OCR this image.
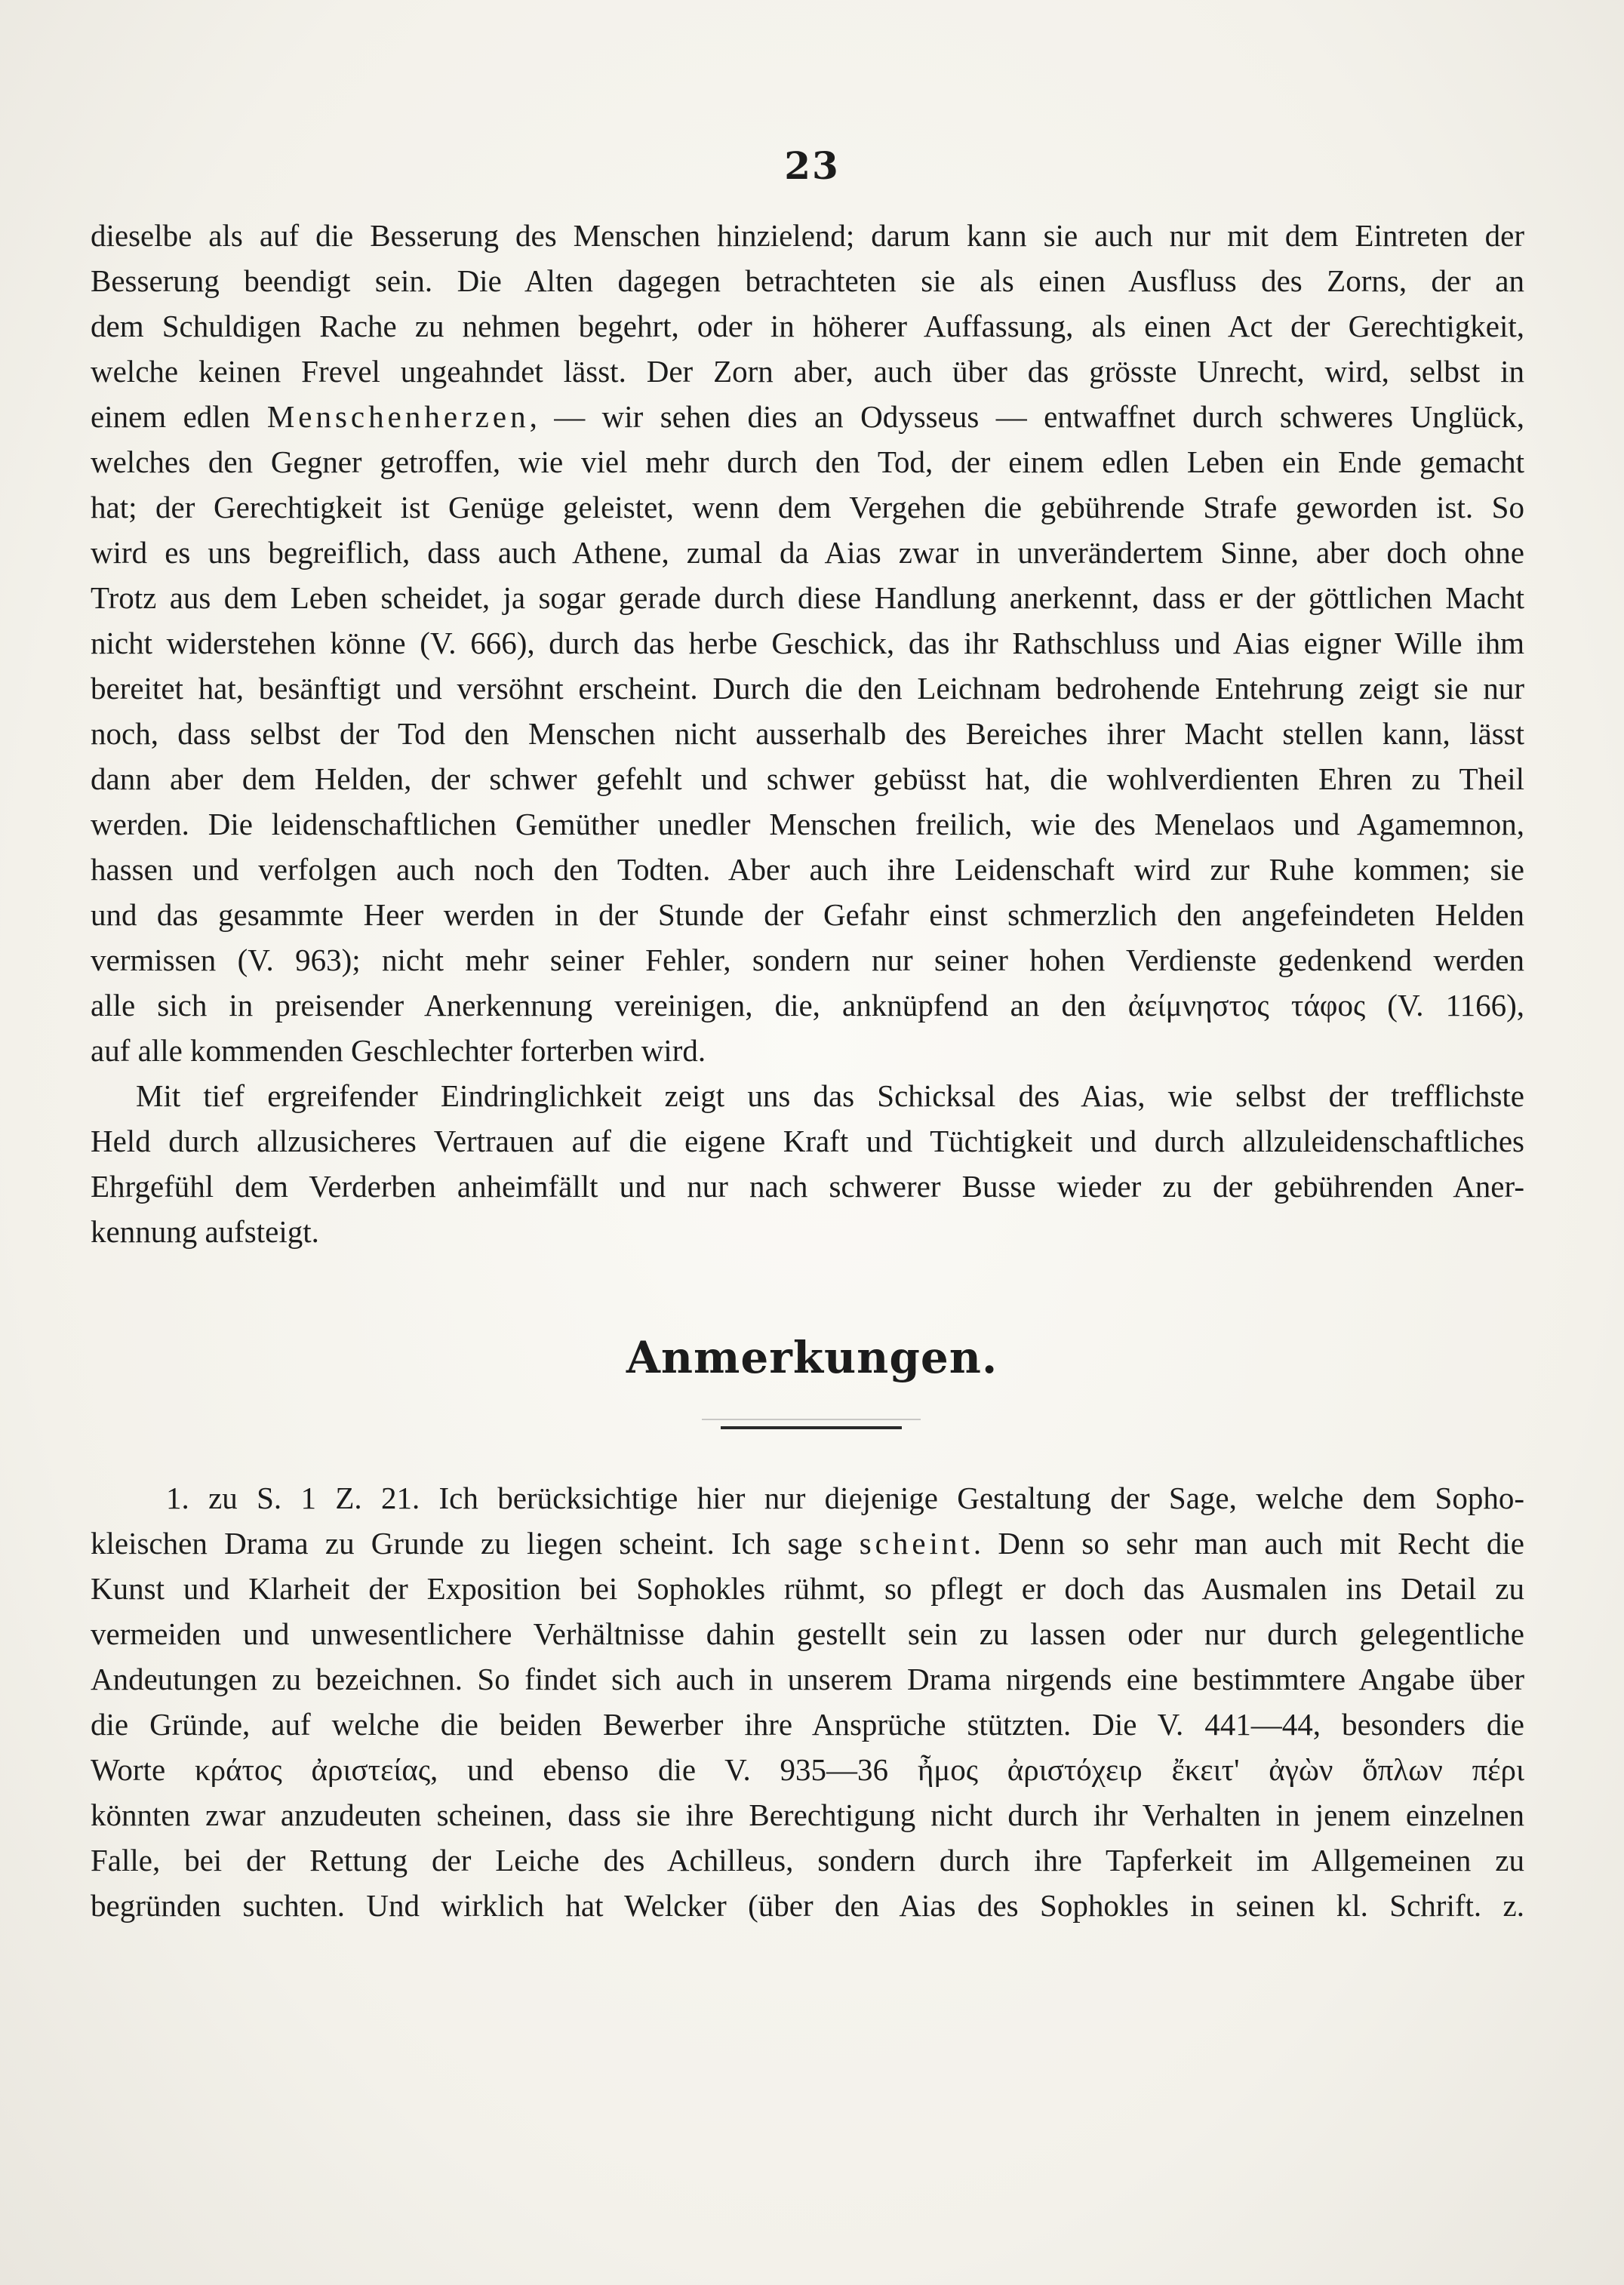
23
dieselbe als auf die Besserung des Menschen hinzielend; darum kann sie auch nur mit dem Eintreten der
Besserung beendigt sein. Die Alten dagegen betrachteten sie als einen Ausfluss des Zorns, der an
dem Schuldigen Rache zu nehmen begehrt, oder in höherer Auffassung, als einen Act der Gerechtigkeit,
welche keinen Frevel ungeahndet lässt. Der Zorn aber, auch über das grösste Unrecht, wird, selbst in
einem edlen Menschenherzen, — wir sehen dies an Odysseus — entwaffnet durch schweres Unglück,
welches den Gegner getroffen, wie viel mehr durch den Tod, der einem edlen Leben ein Ende gemacht
hat; der Gerechtigkeit ist Genüge geleistet, wenn dem Vergehen die gebührende Strafe geworden ist. So
wird es uns begreiflich, dass auch Athene, zumal da Aias zwar in unverändertem Sinne, aber doch ohne
Trotz aus dem Leben scheidet, ja sogar gerade durch diese Handlung anerkennt, dass er der göttlichen Macht
nicht widerstehen könne (V. 666), durch das herbe Geschick, das ihr Rathschluss und Aias eigner Wille ihm
bereitet hat, besänftigt und versöhnt erscheint. Durch die den Leichnam bedrohende Entehrung zeigt sie nur
noch, dass selbst der Tod den Menschen nicht ausserhalb des Bereiches ihrer Macht stellen kann, lässt
dann aber dem Helden, der schwer gefehlt und schwer gebüsst hat, die wohlverdienten Ehren zu Theil
werden. Die leidenschaftlichen Gemüther unedler Menschen freilich, wie des Menelaos und Agamemnon,
hassen und verfolgen auch noch den Todten. Aber auch ihre Leidenschaft wird zur Ruhe kommen; sie
und das gesammte Heer werden in der Stunde der Gefahr einst schmerzlich den angefeindeten Helden
vermissen (V. 963); nicht mehr seiner Fehler, sondern nur seiner hohen Verdienste gedenkend werden
alle sich in preisender Anerkennung vereinigen, die, anknüpfend an den ἀείμνηστος τάφος (V. 1166),
auf alle kommenden Geschlechter forterben wird.
Mit tief ergreifender Eindringlichkeit zeigt uns das Schicksal des Aias, wie selbst der trefflichste
Held durch allzusicheres Vertrauen auf die eigene Kraft und Tüchtigkeit und durch allzuleidenschaftliches
Ehrgefühl dem Verderben anheimfällt und nur nach schwerer Busse wieder zu der gebührenden Aner-
kennung aufsteigt.
Anmerkungen.
1. zu S. 1 Z. 21. Ich berücksichtige hier nur diejenige Gestaltung der Sage, welche dem Sopho-
kleischen Drama zu Grunde zu liegen scheint. Ich sage scheint. Denn so sehr man auch mit Recht die
Kunst und Klarheit der Exposition bei Sophokles rühmt, so pflegt er doch das Ausmalen ins Detail zu
vermeiden und unwesentlichere Verhältnisse dahin gestellt sein zu lassen oder nur durch gelegentliche
Andeutungen zu bezeichnen. So findet sich auch in unserem Drama nirgends eine bestimmtere Angabe über
die Gründe, auf welche die beiden Bewerber ihre Ansprüche stützten. Die V. 441—44, besonders die
Worte κράτος ἀριστείας, und ebenso die V. 935—36 ἦμος ἀριστόχειρ ἔκειτ' ἀγὼν ὅπλων πέρι
könnten zwar anzudeuten scheinen, dass sie ihre Berechtigung nicht durch ihr Verhalten in jenem einzelnen
Falle, bei der Rettung der Leiche des Achilleus, sondern durch ihre Tapferkeit im Allgemeinen zu
begründen suchten. Und wirklich hat Welcker (über den Aias des Sophokles in seinen kl. Schrift. z.
